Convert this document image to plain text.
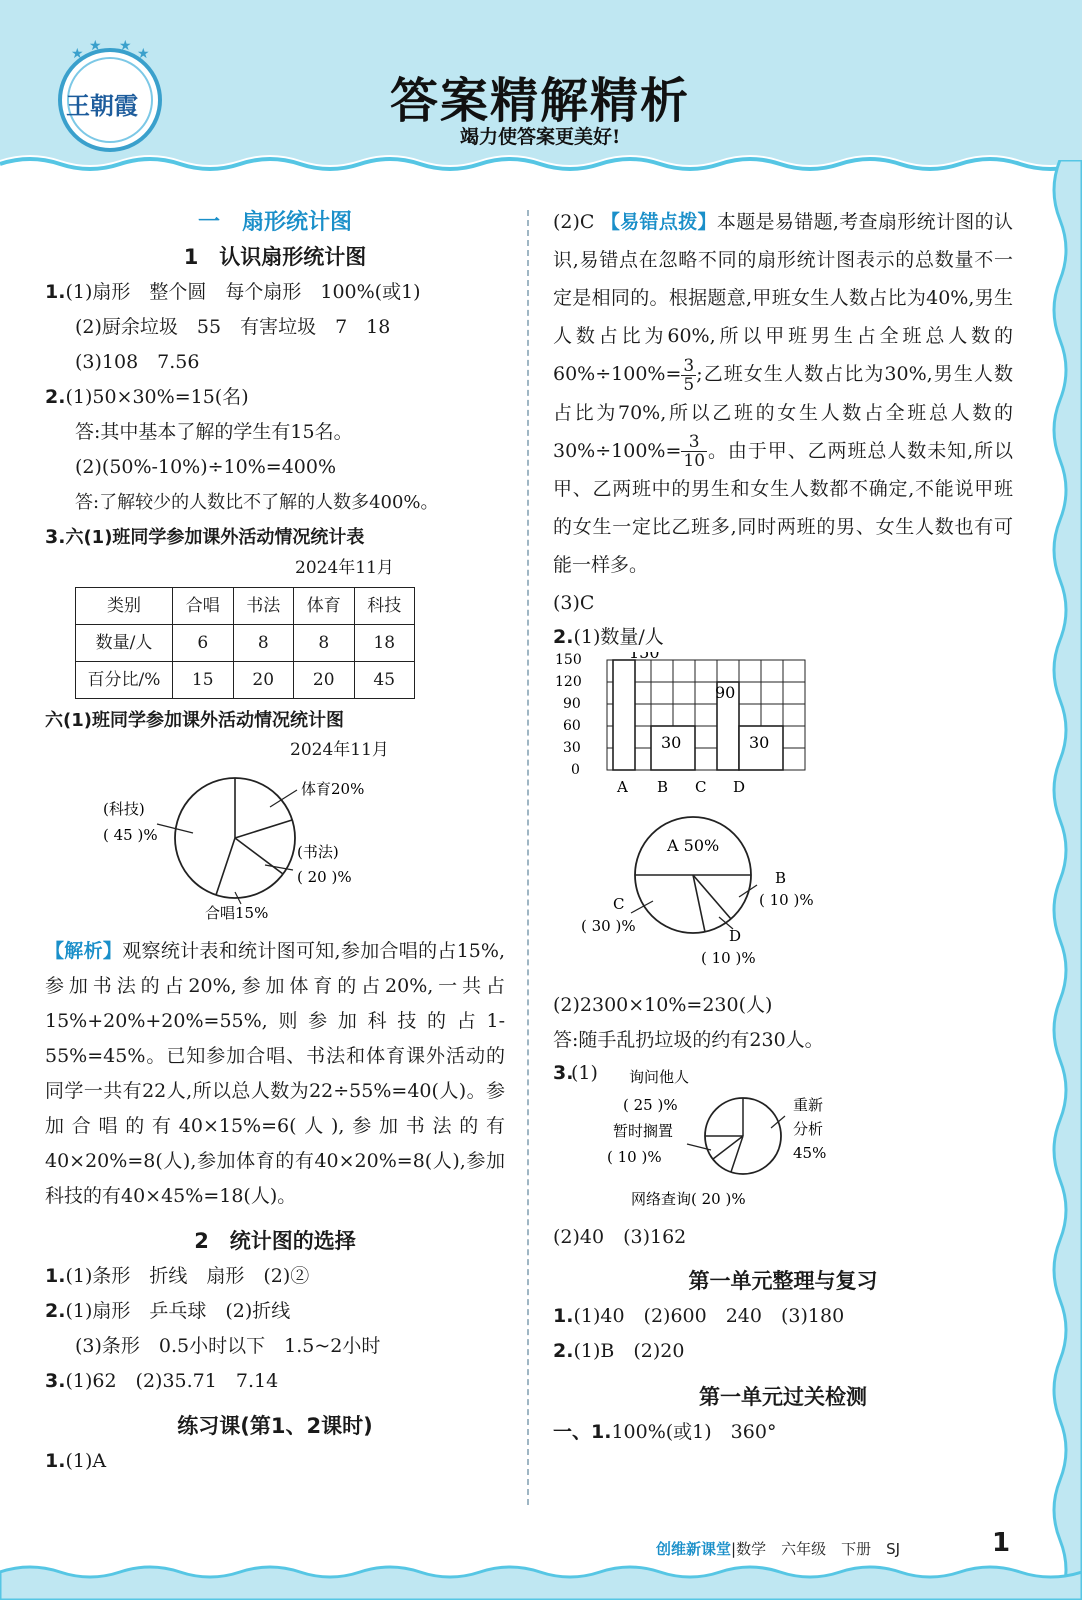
★ ★ ★ ★
王朝霞	答案精解精析
竭力使答案更美好!

一　扇形统计图

1　认识扇形统计图

1.(1)扇形　整个圆　每个扇形　100%(或1)

(2)厨余垃圾　55　有害垃圾　7　18

(3)108　7.56

2.(1)50×30%=15(名)

答:其中基本了解的学生有15名。

(2)(50%-10%)÷10%=400%

答:了解较少的人数比不了解的人数多400%。

3.六(1)班同学参加课外活动情况统计表

2024年11月

类别	合唱	书法	体育	科技
数量/人	6	8	8	18
百分比/%	15	20	20	45

六(1)班同学参加课外活动情况统计图

2024年11月

体育20%
(科技)
( 45 )%
(书法)
( 20 )%
合唱15%

【解析】观察统计表和统计图可知,参加合唱的占15%,参加书法的占20%,参加体育的占20%,一共占15%+20%+20%=55%,则参加科技的占1-55%=45%。已知参加合唱、书法和体育课外活动的同学一共有22人,所以总人数为22÷55%=40(人)。参加合唱的有40×15%=6(人),参加书法的有40×20%=8(人),参加体育的有40×20%=8(人),参加科技的有40×45%=18(人)。

2　统计图的选择

1.(1)条形　折线　扇形　(2)②

2.(1)扇形　乒乓球　(2)折线

(3)条形　0.5小时以下　1.5~2小时

3.(1)62　(2)35.71　7.14

练习课(第1、2课时)

1.(1)A

(2)C 【易错点拨】本题是易错题,考查扇形统计图的认识,易错点在忽略不同的扇形统计图表示的总数量不一定是相同的。根据题意,甲班女生人数占比为40%,男生人数占比为60%,所以甲班男生占全班总人数的$60\%\div 100\%= \frac{3}{5}$ ;乙班女生人数占比为30%,男生人数占比为70%,所以乙班的女生人数占全班总人数的$30\%\div 100\%= \frac{3}{10}$ 。由于甲、乙两班总人数未知,所以甲、乙两班中的男生和女生人数都不确定,不能说甲班的女生一定比乙班多,同时两班的男、女生人数也有可能一样多。

(3)C

2.(1)数量/人

150
120
90
60
30
0
150
30
90
30
A B C D

A 50%
B
( 10 )%
C
( 30 )%
D
( 10 )%

(2)2300×10%=230(人)

答:随手乱扔垃圾的约有230人。

3.
(1) 询问他人
( 25 )%	重新
分析
45%
暂时搁置
( 10 )%
网络查询( 20 )%

(2)40　(3)162

第一单元整理与复习

1.(1)40　(2)600　240　(3)180

2.(1)B　(2)20

第一单元过关检测

一、1.100%(或1)　360°

创维新课堂|数学　六年级　下册　SJ	1
